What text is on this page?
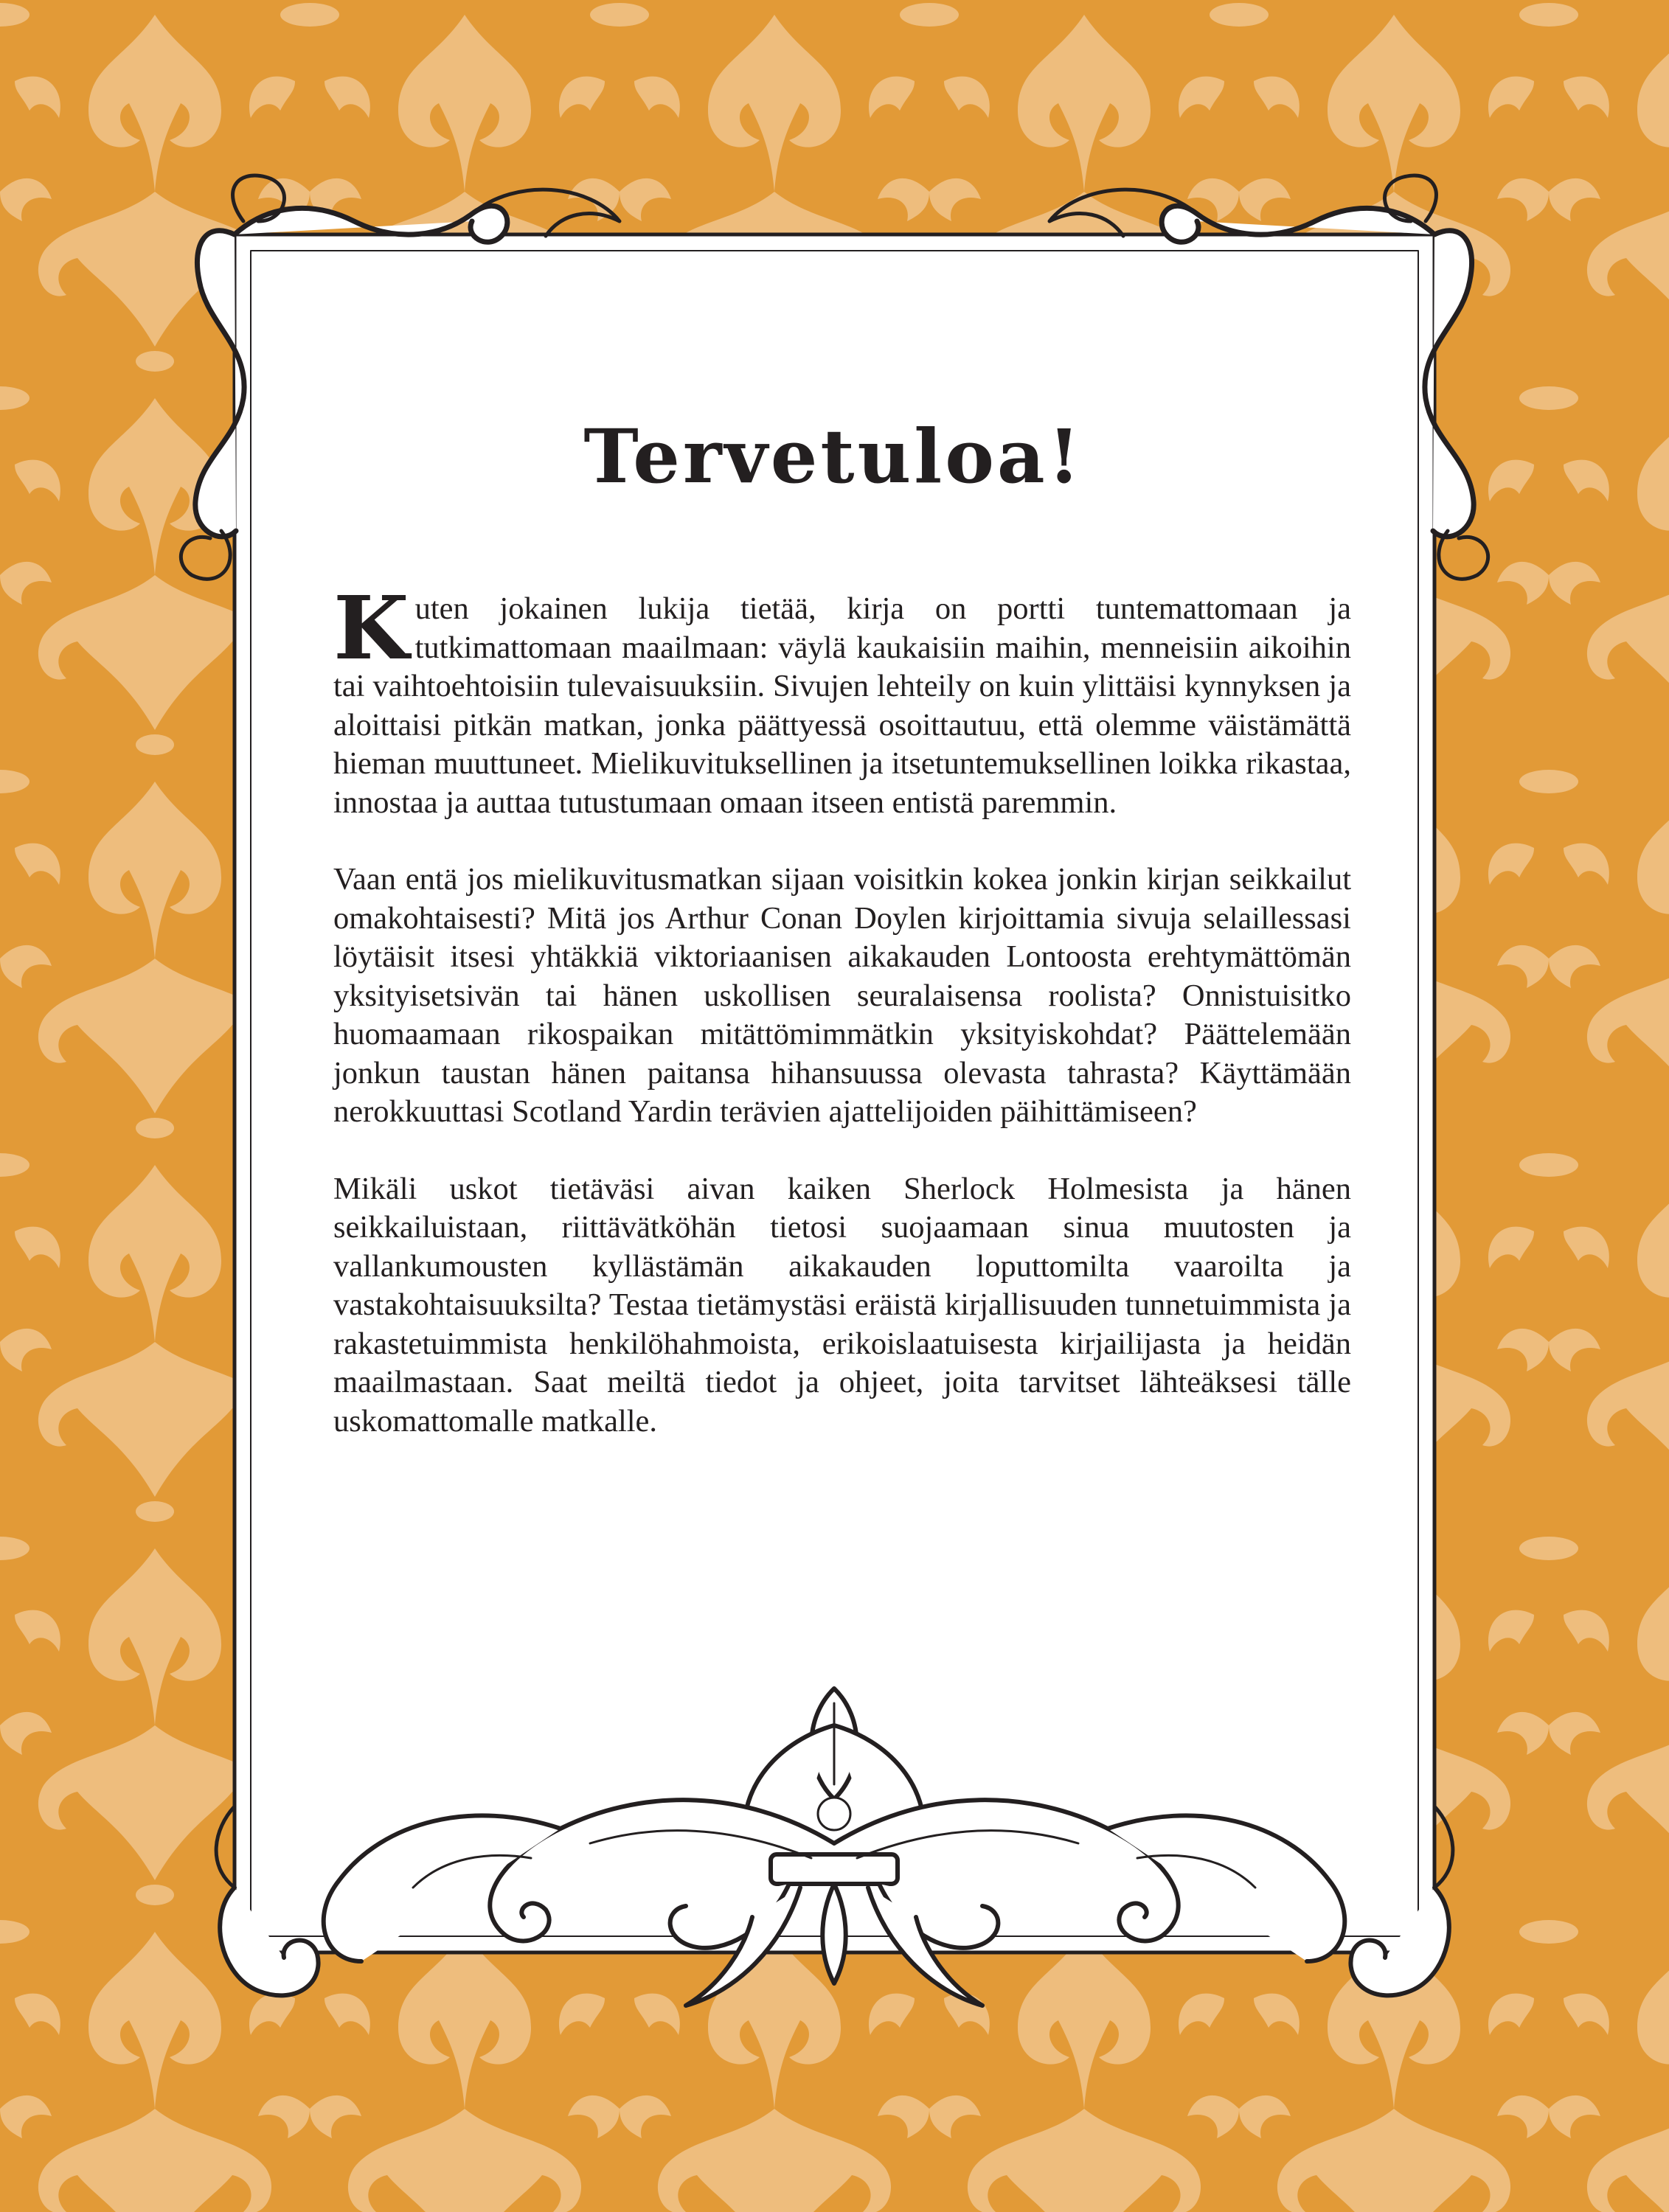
Tervetuloa!

Kuten jokainen lukija tietää, kirja on portti tuntemattomaan ja tutkimattomaan maailmaan: väylä kaukaisiin maihin, menneisiin aikoihin tai vaihtoehtoisiin tulevaisuuksiin. Sivujen lehteily on kuin ylittäisi kynnyksen ja aloittaisi pitkän matkan, jonka päättyessä osoittautuu, että olemme väistämättä hieman muuttuneet. Mielikuvituksellinen ja itsetuntemuksellinen loikka rikastaa, innostaa ja auttaa tutustumaan omaan itseen entistä paremmin.

Vaan entä jos mielikuvitusmatkan sijaan voisitkin kokea jonkin kirjan seikkailut omakohtaisesti? Mitä jos Arthur Conan Doylen kirjoittamia sivuja selaillessasi löytäisit itsesi yhtäkkiä viktoriaanisen aikakauden Lontoosta erehtymättömän yksityisetsivän tai hänen uskollisen seuralaisensa roolista? Onnistuisitko huomaamaan rikospaikan mitättömimmätkin yksityiskohdat? Päättelemään jonkun taustan hänen paitansa hihansuussa olevasta tahrasta? Käyttämään nerokkuuttasi Scotland Yardin terävien ajattelijoiden päihittämiseen?

Mikäli uskot tietäväsi aivan kaiken Sherlock Holmesista ja hänen seikkailuistaan, riittävätköhän tietosi suojaamaan sinua muutosten ja vallankumousten kyllästämän aikakauden loputtomilta vaaroilta ja vastakohtaisuuksilta? Testaa tietämystäsi eräistä kirjallisuuden tunnetuimmista ja rakastetuimmista henkilöhahmoista, erikoislaatuisesta kirjailijasta ja heidän maailmastaan. Saat meiltä tiedot ja ohjeet, joita tarvitset lähteäksesi tälle uskomattomalle matkalle.
